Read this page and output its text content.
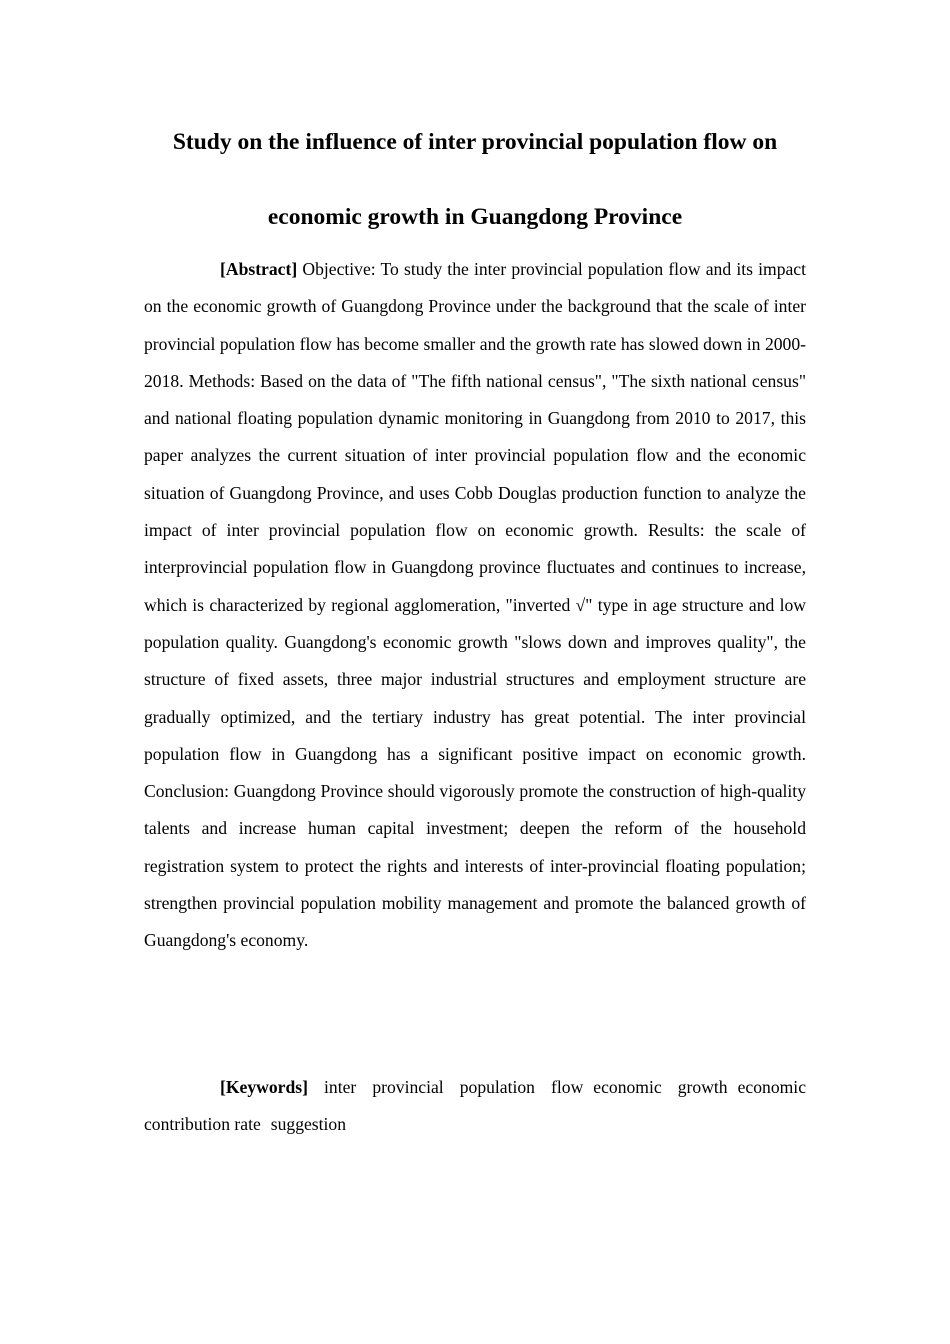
Study on the influence of inter provincial population flow on
economic growth in Guangdong Province

[Abstract] Objective: To study the inter provincial population flow and its impact on the economic growth of Guangdong Province under the background that the scale of inter provincial population flow has become smaller and the growth rate has slowed down in 2000-2018. Methods: Based on the data of "The fifth national census", "The sixth national census" and national floating population dynamic monitoring in Guangdong from 2010 to 2017, this paper analyzes the current situation of inter provincial population flow and the economic situation of Guangdong Province, and uses Cobb Douglas production function to analyze the impact of inter provincial population flow on economic growth. Results: the scale of interprovincial population flow in Guangdong province fluctuates and continues to increase, which is characterized by regional agglomeration, "inverted √" type in age structure and low population quality. Guangdong's economic growth "slows down and improves quality", the structure of fixed assets, three major industrial structures and employment structure are gradually optimized, and the tertiary industry has great potential. The inter provincial population flow in Guangdong has a significant positive impact on economic growth. Conclusion: Guangdong Province should vigorously promote the construction of high-quality talents and increase human capital investment; deepen the reform of the household registration system to protect the rights and interests of inter-provincial floating population; strengthen provincial population mobility management and promote the balanced growth of Guangdong's economy.

[Keywords] inter provincial population flow economic growth economic contribution rate suggestion
